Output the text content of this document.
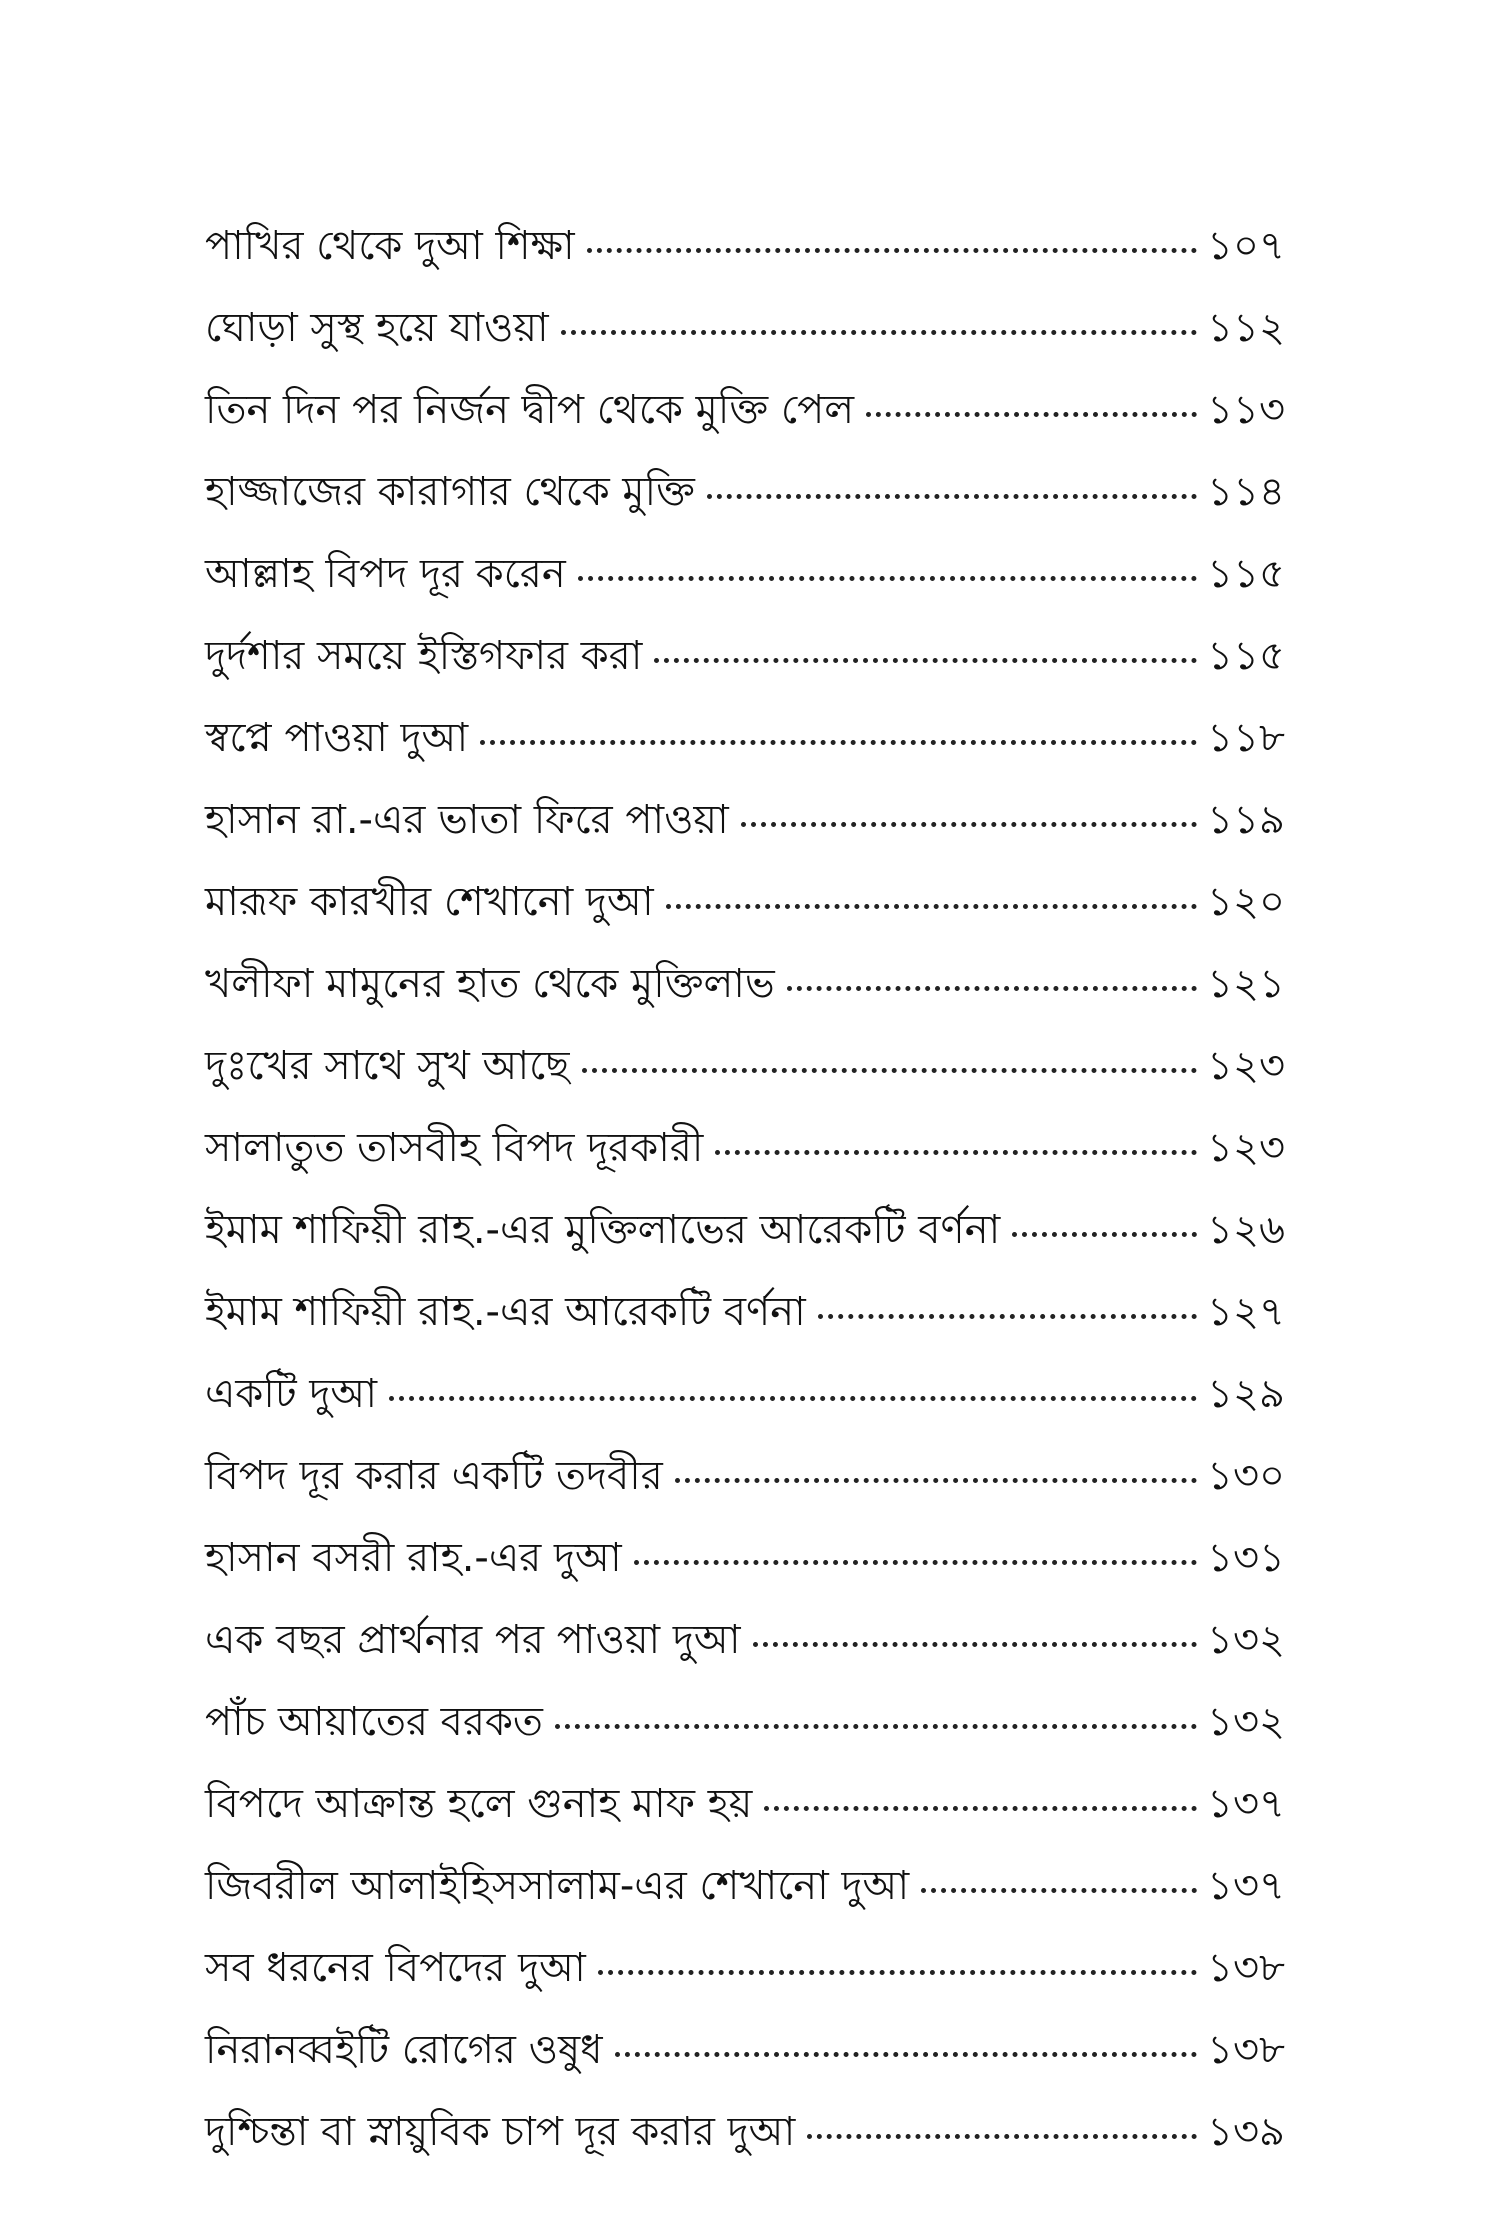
পাখির থেকে দুআ শিক্ষা	১০৭
ঘোড়া সুস্থ হয়ে যাওয়া	১১২
তিন দিন পর নির্জন দ্বীপ থেকে মুক্তি পেল	১১৩
হাজ্জাজের কারাগার থেকে মুক্তি	১১৪
আল্লাহ বিপদ দূর করেন	১১৫
দুর্দশার সময়ে ইস্তিগফার করা	১১৫
স্বপ্নে পাওয়া দুআ	১১৮
হাসান রা.-এর ভাতা ফিরে পাওয়া	১১৯
মারূফ কারখীর শেখানো দুআ	১২০
খলীফা মামুনের হাত থেকে মুক্তিলাভ	১২১
দুঃখের সাথে সুখ আছে	১২৩
সালাতুত তাসবীহ বিপদ দূরকারী	১২৩
ইমাম শাফিয়ী রাহ.-এর মুক্তিলাভের আরেকটি বর্ণনা	১২৬
ইমাম শাফিয়ী রাহ.-এর আরেকটি বর্ণনা	১২৭
একটি দুআ	১২৯
বিপদ দূর করার একটি তদবীর	১৩০
হাসান বসরী রাহ.-এর দুআ	১৩১
এক বছর প্রার্থনার পর পাওয়া দুআ	১৩২
পাঁচ আয়াতের বরকত	১৩২
বিপদে আক্রান্ত হলে গুনাহ মাফ হয়	১৩৭
জিবরীল আলাইহিসসালাম-এর শেখানো দুআ	১৩৭
সব ধরনের বিপদের দুআ	১৩৮
নিরানব্বইটি রোগের ওষুধ	১৩৮
দুশ্চিন্তা বা স্নায়ুবিক চাপ দূর করার দুআ	১৩৯
